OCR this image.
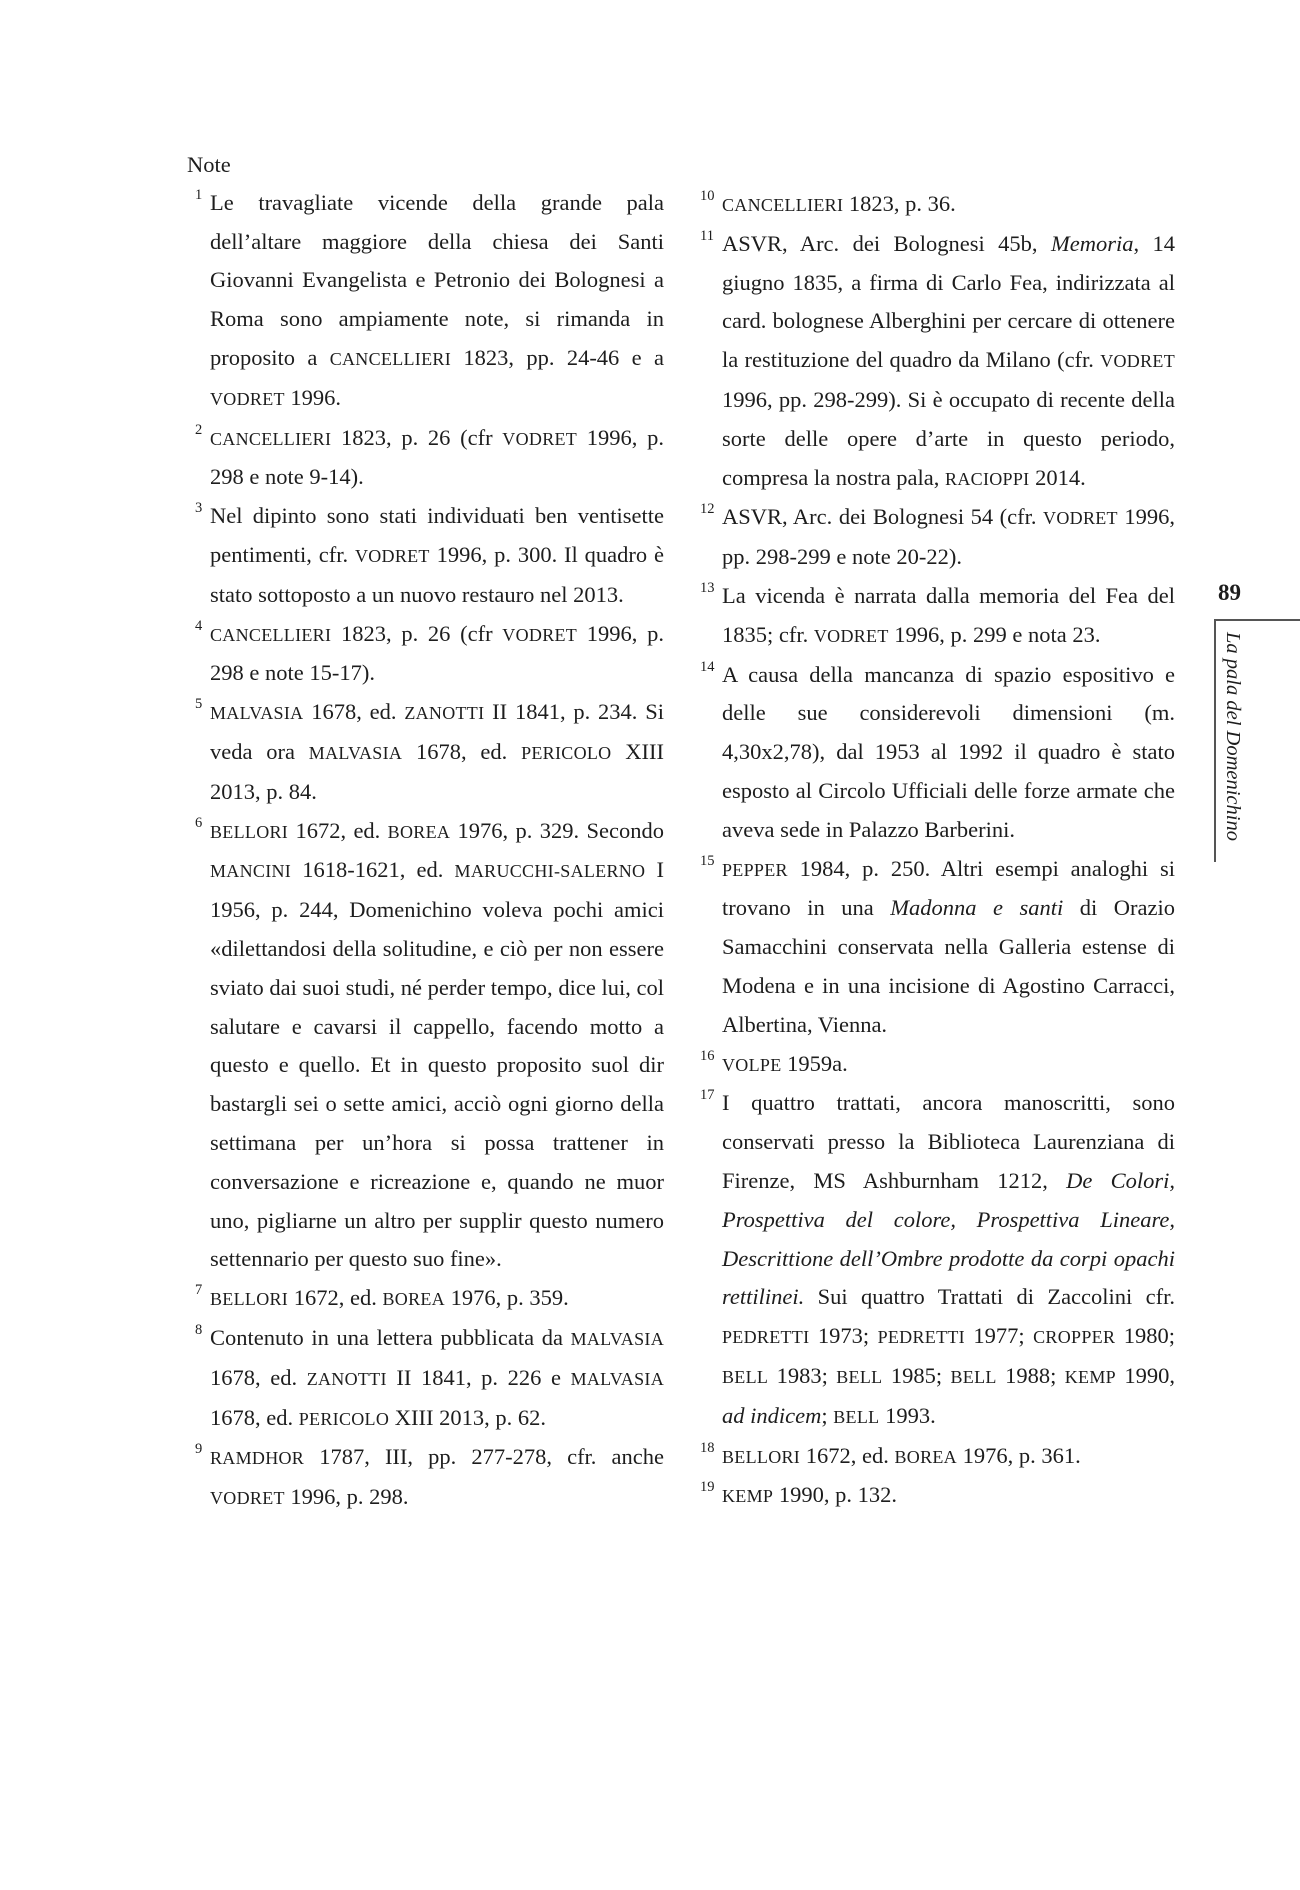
Note

1 Le travagliate vicende della grande pala dell’altare maggiore della chiesa dei Santi Giovanni Evangelista e Petronio dei Bolognesi a Roma sono ampiamente note, si rimanda in proposito a CANCELLIERI 1823, pp. 24-46 e a VODRET 1996.

2 CANCELLIERI 1823, p. 26 (cfr VODRET 1996, p. 298 e note 9-14).

3 Nel dipinto sono stati individuati ben ventisette pentimenti, cfr. VODRET 1996, p. 300. Il quadro è stato sottoposto a un nuovo restauro nel 2013.

4 CANCELLIERI 1823, p. 26 (cfr VODRET 1996, p. 298 e note 15-17).

5 MALVASIA 1678, ed. ZANOTTI II 1841, p. 234. Si veda ora MALVASIA 1678, ed. PERICOLO XIII 2013, p. 84.

6 BELLORI 1672, ed. BOREA 1976, p. 329. Secondo MANCINI 1618-1621, ed. MARUCCHI-SALERNO I 1956, p. 244, Domenichino voleva pochi amici «dilettandosi della solitudine, e ciò per non essere sviato dai suoi studi, né perder tempo, dice lui, col salutare e cavarsi il cappello, facendo motto a questo e quello. Et in questo proposito suol dir bastargli sei o sette amici, acciò ogni giorno della settimana per un’hora si possa trattener in conversazione e ricreazione e, quando ne muor uno, pigliarne un altro per supplir questo numero settennario per questo suo fine».

7 BELLORI 1672, ed. BOREA 1976, p. 359.

8 Contenuto in una lettera pubblicata da MALVASIA 1678, ed. ZANOTTI II 1841, p. 226 e MALVASIA 1678, ed. PERICOLO XIII 2013, p. 62.

9 RAMDHOR 1787, III, pp. 277-278, cfr. anche VODRET 1996, p. 298.

10 CANCELLIERI 1823, p. 36.

11 ASVR, Arc. dei Bolognesi 45b, Memoria, 14 giugno 1835, a firma di Carlo Fea, indirizzata al card. bolognese Alberghini per cercare di ottenere la restituzione del quadro da Milano (cfr. VODRET 1996, pp. 298-299). Si è occupato di recente della sorte delle opere d’arte in questo periodo, compresa la nostra pala, RACIOPPI 2014.

12 ASVR, Arc. dei Bolognesi 54 (cfr. VODRET 1996, pp. 298-299 e note 20-22).

13 La vicenda è narrata dalla memoria del Fea del 1835; cfr. VODRET 1996, p. 299 e nota 23.

14 A causa della mancanza di spazio espositivo e delle sue considerevoli dimensioni (m. 4,30x2,78), dal 1953 al 1992 il quadro è stato esposto al Circolo Ufficiali delle forze armate che aveva sede in Palazzo Barberini.

15 PEPPER 1984, p. 250. Altri esempi analoghi si trovano in una Madonna e santi di Orazio Samacchini conservata nella Galleria estense di Modena e in una incisione di Agostino Carracci, Albertina, Vienna.

16 VOLPE 1959a.

17 I quattro trattati, ancora manoscritti, sono conservati presso la Biblioteca Laurenziana di Firenze, MS Ashburnham 1212, De Colori, Prospettiva del colore, Prospettiva Lineare, Descrittione dell’Ombre prodotte da corpi opachi rettilinei. Sui quattro Trattati di Zaccolini cfr. PEDRETTI 1973; PEDRETTI 1977; CROPPER 1980; BELL 1983; BELL 1985; BELL 1988; KEMP 1990, ad indicem; BELL 1993.

18 BELLORI 1672, ed. BOREA 1976, p. 361.

19 KEMP 1990, p. 132.

89
La pala del Domenichino
